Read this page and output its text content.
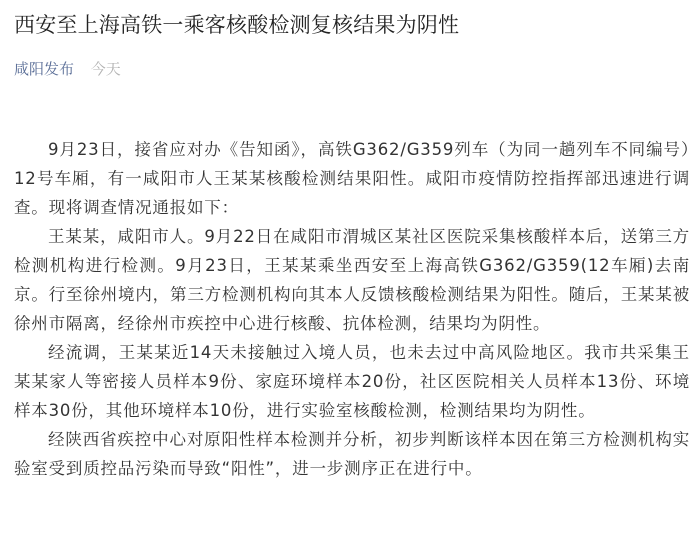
西安至上海高铁一乘客核酸检测复核结果为阴性
咸阳发布 今天

9月23日，接省应对办《告知函》，高铁G362/G359列车（为同一趟列车不同编号）12号车厢，有一咸阳市人王某某核酸检测结果阳性。咸阳市疫情防控指挥部迅速进行调查。现将调查情况通报如下：

王某某，咸阳市人。9月22日在咸阳市渭城区某社区医院采集核酸样本后，送第三方检测机构进行检测。9月23日，王某某乘坐西安至上海高铁G362/G359(12车厢)去南京。行至徐州境内，第三方检测机构向其本人反馈核酸检测结果为阳性。随后，王某某被徐州市隔离，经徐州市疾控中心进行核酸、抗体检测，结果均为阴性。

经流调，王某某近14天未接触过入境人员，也未去过中高风险地区。我市共采集王某某家人等密接人员样本9份、家庭环境样本20份，社区医院相关人员样本13份、环境样本30份，其他环境样本10份，进行实验室核酸检测，检测结果均为阴性。

经陕西省疾控中心对原阳性样本检测并分析，初步判断该样本因在第三方检测机构实验室受到质控品污染而导致“阳性”，进一步测序正在进行中。
